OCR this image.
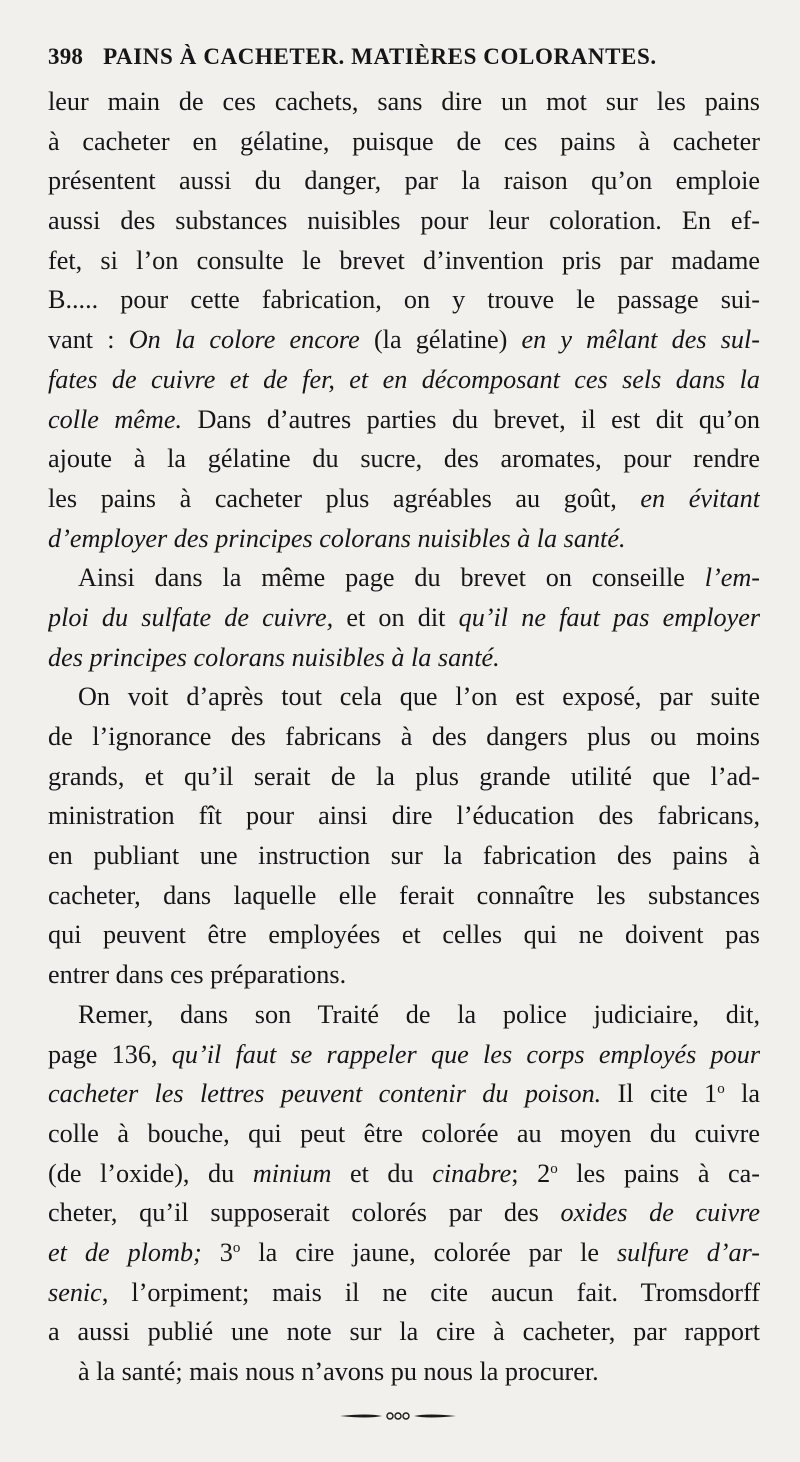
398 PAINS À CACHETER. MATIÈRES COLORANTES.
leur main de ces cachets, sans dire un mot sur les pains
à cacheter en gélatine, puisque de ces pains à cacheter
présentent aussi du danger, par la raison qu’on emploie
aussi des substances nuisibles pour leur coloration. En ef-
fet, si l’on consulte le brevet d’invention pris par madame
B..... pour cette fabrication, on y trouve le passage sui-
vant : On la colore encore (la gélatine) en y mêlant des sul-
fates de cuivre et de fer, et en décomposant ces sels dans la
colle même. Dans d’autres parties du brevet, il est dit qu’on
ajoute à la gélatine du sucre, des aromates, pour rendre
les pains à cacheter plus agréables au goût, en évitant
d’employer des principes colorans nuisibles à la santé.
Ainsi dans la même page du brevet on conseille l’em-
ploi du sulfate de cuivre, et on dit qu’il ne faut pas employer
des principes colorans nuisibles à la santé.
On voit d’après tout cela que l’on est exposé, par suite
de l’ignorance des fabricans à des dangers plus ou moins
grands, et qu’il serait de la plus grande utilité que l’ad-
ministration fît pour ainsi dire l’éducation des fabricans,
en publiant une instruction sur la fabrication des pains à
cacheter, dans laquelle elle ferait connaître les substances
qui peuvent être employées et celles qui ne doivent pas
entrer dans ces préparations.
Remer, dans son Traité de la police judiciaire, dit,
page 136, qu’il faut se rappeler que les corps employés pour
cacheter les lettres peuvent contenir du poison. Il cite 1$^o$ la
colle à bouche, qui peut être colorée au moyen du cuivre
(de l’oxide), du minium et du cinabre; 2$^o$ les pains à ca-
cheter, qu’il supposerait colorés par des oxides de cuivre
et de plomb; 3$^o$ la cire jaune, colorée par le sulfure d’ar-
senic, l’orpiment; mais il ne cite aucun fait. Tromsdorff
a aussi publié une note sur la cire à cacheter, par rapport
à la santé; mais nous n’avons pu nous la procurer.
